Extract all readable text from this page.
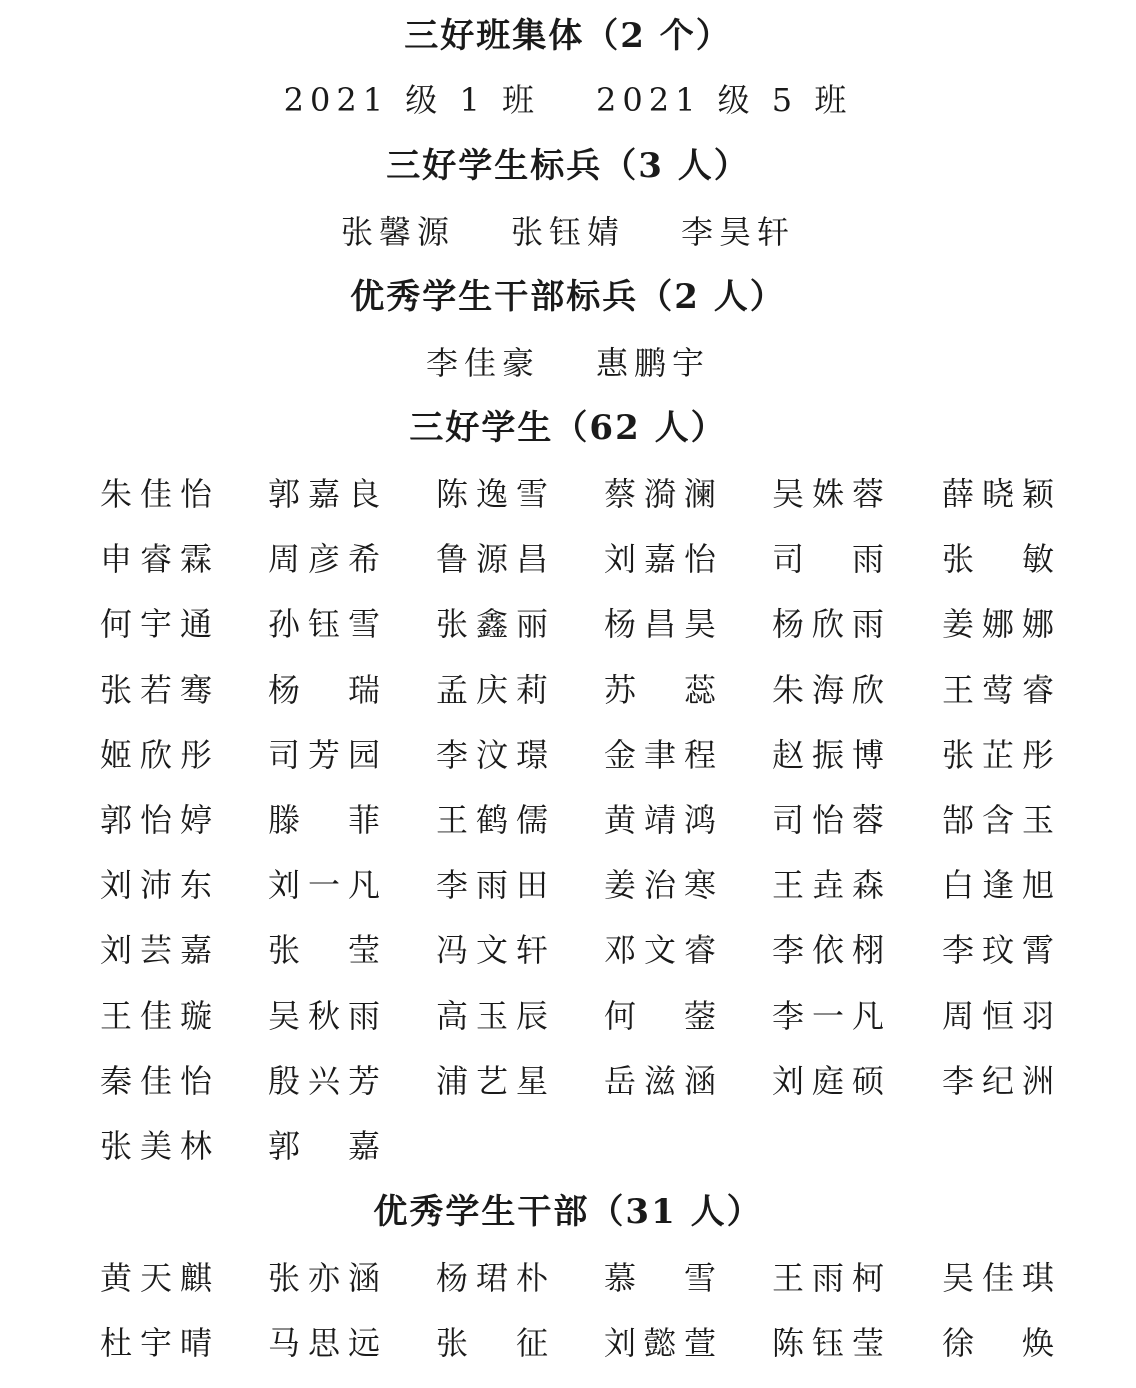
三好班集体（2 个）
2021 级 1 班 2021 级 5 班
三好学生标兵（3 人）
张馨源 张钰婧 李昊轩
优秀学生干部标兵（2 人）
李佳豪 惠鹏宇
三好学生（62 人）
朱 佳 怡 郭 嘉 良 陈 逸 雪 蔡 漪 澜 吴 姝 蓉 薛 晓 颖
申 睿 霖 周 彦 希 鲁 源 昌 刘 嘉 怡 司 雨 张 敏
何 宇 通 孙 钰 雪 张 鑫 丽 杨 昌 昊 杨 欣 雨 姜 娜 娜
张 若 骞 杨 瑞 孟 庆 莉 苏 蕊 朱 海 欣 王 莺 睿
姬 欣 彤 司 芳 园 李 汶 璟 金 聿 程 赵 振 博 张 芷 彤
郭 怡 婷 滕 菲 王 鹤 儒 黄 靖 鸿 司 怡 蓉 郜 含 玉
刘 沛 东 刘 一 凡 李 雨 田 姜 治 寒 王 垚 森 白 逢 旭
刘 芸 嘉 张 莹 冯 文 轩 邓 文 睿 李 依 栩 李 玟 霄
王 佳 璇 吴 秋 雨 高 玉 辰 何 蓥 李 一 凡 周 恒 羽
秦 佳 怡 殷 兴 芳 浦 艺 星 岳 滋 涵 刘 庭 硕 李 纪 洲
张 美 林 郭 嘉
优秀学生干部（31 人）
黄 天 麒 张 亦 涵 杨 珺 朴 慕 雪 王 雨 柯 吴 佳 琪
杜 宇 晴 马 思 远 张 征 刘 懿 萱 陈 钰 莹 徐 焕
